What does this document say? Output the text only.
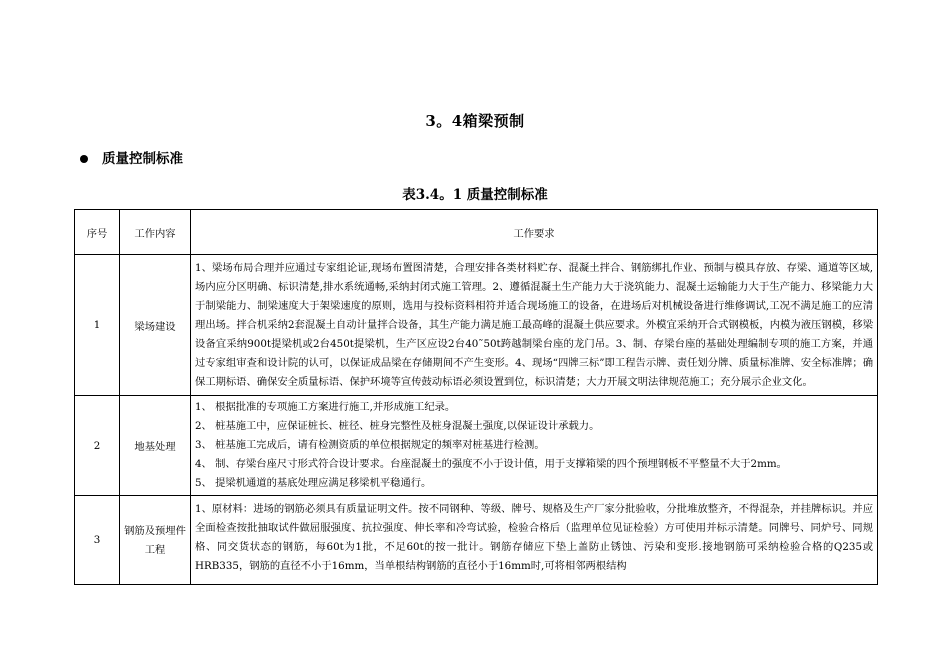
3。4箱梁预制
质量控制标准
表3.4。1 质量控制标准
序号	工作内容	工作要求
1	梁场建设	1、梁场布局合理并应通过专家组论证,现场布置图清楚，合理安排各类材料贮存、混凝土拌合、钢筋绑扎作业、预制与模具存放、存梁、通道等区域,场内应分区明确、标识清楚,排水系统通畅,采纳封闭式施工管理。2、遵循混凝土生产能力大于浇筑能力、混凝土运输能力大于生产能力、移梁能力大于制梁能力、制梁速度大于架梁速度的原则，选用与投标资料相符并适合现场施工的设备，在进场后对机械设备进行维修调试,工况不满足施工的应清理出场。拌合机采纳2套混凝土自动计量拌合设备，其生产能力满足施工最高峰的混凝土供应要求。外模宜采纳开合式钢模板，内模为液压钢模，移梁设备宜采纳900t提梁机或2台450t提梁机，生产区应设2台40˜50t跨越制梁台座的龙门吊。3、制、存梁台座的基础处理编制专项的施工方案，并通过专家组审查和设计院的认可，以保证成品梁在存储期间不产生变形。4、现场“四牌三标”即工程告示牌、责任划分牌、质量标准牌、安全标准牌；确保工期标语、确保安全质量标语、保护环境等宣传鼓动标语必须设置到位，标识清楚；大力开展文明法律规范施工；充分展示企业文化。
2	地基处理	1、 根据批准的专项施工方案进行施工,并形成施工纪录。
2、 桩基施工中，应保证桩长、桩径、桩身完整性及桩身混凝土强度,以保证设计承载力。
3、 桩基施工完成后，请有检测资质的单位根据规定的频率对桩基进行检测。
4、 制、存梁台座尺寸形式符合设计要求。台座混凝土的强度不小于设计值，用于支撑箱梁的四个预埋钢板不平整量不大于2mm。
5、 提梁机通道的基底处理应满足移梁机平稳通行。

3	钢筋及预埋件工程	1、原材料：进场的钢筋必须具有质量证明文件。按不同钢种、等级、牌号、规格及生产厂家分批验收，分批堆放整齐，不得混杂，并挂牌标识。并应全面检查按批抽取试件做屈服强度、抗拉强度、伸长率和冷弯试验，检验合格后（监理单位见证检验）方可使用并标示清楚。同牌号、同炉号、同规格、同交货状态的钢筋，每60t为1批，不足60t的按一批计。钢筋存储应下垫上盖防止锈蚀、污染和变形.接地钢筋可采纳检验合格的Q235或HRB335，钢筋的直径不小于16mm，当单根结构钢筋的直径小于16mm时,可将相邻两根结构
